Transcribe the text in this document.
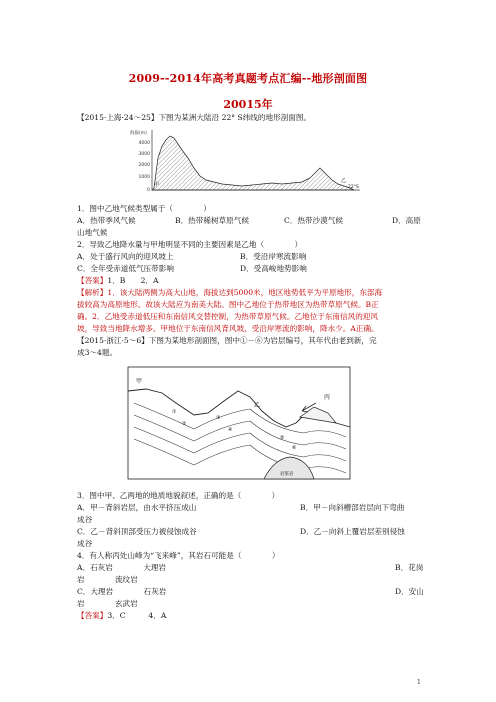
2009--2014年高考真题考点汇编--地形剖面图
20015年
【2015·上海·24～25】下图为某洲大陆沿 22° S纬线的地形剖面图。
海拔(m)
4000
3000
2000
1000
0
甲
乙
22°S
1．图中乙地气候类型属于（　　　　）
A．热带季风气候	B．热带稀树草原气候	C．热带沙漠气候	D．高原
山地气候
2．导致乙地降水量与甲地明显不同的主要因素是乙地（　　　　）
A．处于盛行风向的迎风坡上	B．受沿岸寒流影响
C．全年受赤道低气压带影响	D．受高峻地势影响
【答案】1．B　　2．A
【解析】1．该大陆两侧为高大山地，海拔达到5000米，地区地势低平为平原地形，东部海
拔较高为高原地形。故该大陆应为南美大陆。图中乙地位于热带地区为热带草原气候。B正
确。2．乙地受赤道低压和东南信风交替控制，为热带草原气候。乙地位于东南信风的迎风
坡，导致当地降水增多。甲地位于东南信风背风坡，受沿岸寒流的影响，降水少。A正确。
【2015·浙江·5～6】下图为某地形剖面图，图中①－⑥为岩层编号，其年代由老到新，完
成3～4题。
甲
乙
丙
岩浆岩
①
②
③
④
⑤
⑥
3．图中甲、乙两地的地质地貌叙述，正确的是（　　　　）
A．甲－背斜岩层，由水平挤压成山	B．甲－向斜槽部岩层向下弯曲
成谷
C．乙－背斜顶部受压力被侵蚀成谷	D．乙－向斜上覆岩层差别侵蚀
成谷
4．有人称丙处山峰为“飞来峰”，其岩石可能是（　　　　）
A．石灰岩　　　　大理岩	B．花岗
岩　　　　流纹岩
C．大理岩　　　　石灰岩	D．安山
岩　　　　玄武岩
【答案】3．C　　　4．A
1
